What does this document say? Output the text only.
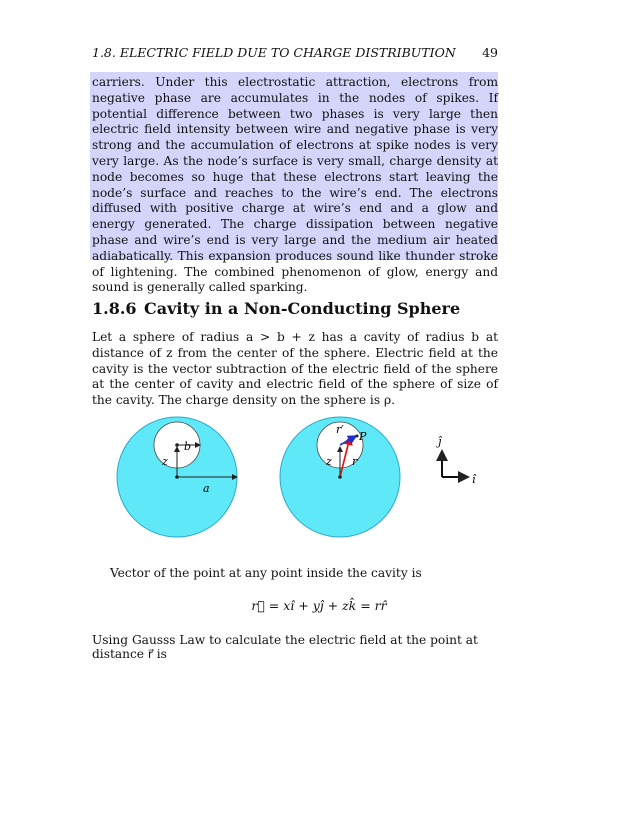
1.8. ELECTRIC FIELD DUE TO CHARGE DISTRIBUTION 49
carriers. Under this electrostatic attraction, electrons from negative phase are accumulates in the nodes of spikes. If potential difference between two phases is very large then electric field intensity between wire and negative phase is very strong and the accumulation of electrons at spike nodes is very very large. As the node’s surface is very small, charge density at node becomes so huge that these electrons start leaving the node’s surface and reaches to the wire’s end. The electrons diffused with positive charge at wire’s end and a glow and energy generated. The charge dissipation between negative phase and wire’s end is very large and the medium air heated adiabatically. This expansion produces sound like thunder stroke of lightening. The combined phenomenon of glow, energy and sound is generally called sparking.
1.8.6 Cavity in a Non-Conducting Sphere
Let a sphere of radius a > b + z has a cavity of radius b at distance of z from the center of the sphere. Electric field at the cavity is the vector subtraction of the electric field of the sphere at the center of cavity and electric field of the sphere of size of the cavity. The charge density on the sphere is ρ.
b
z
a
r′
P
z r
ĵ
î
Vector of the point at any point inside the cavity is
r⃗ = xî + yĵ + zk̂ = rr̂
Using Gausss Law to calculate the electric field at the point at distance r⃗ is
